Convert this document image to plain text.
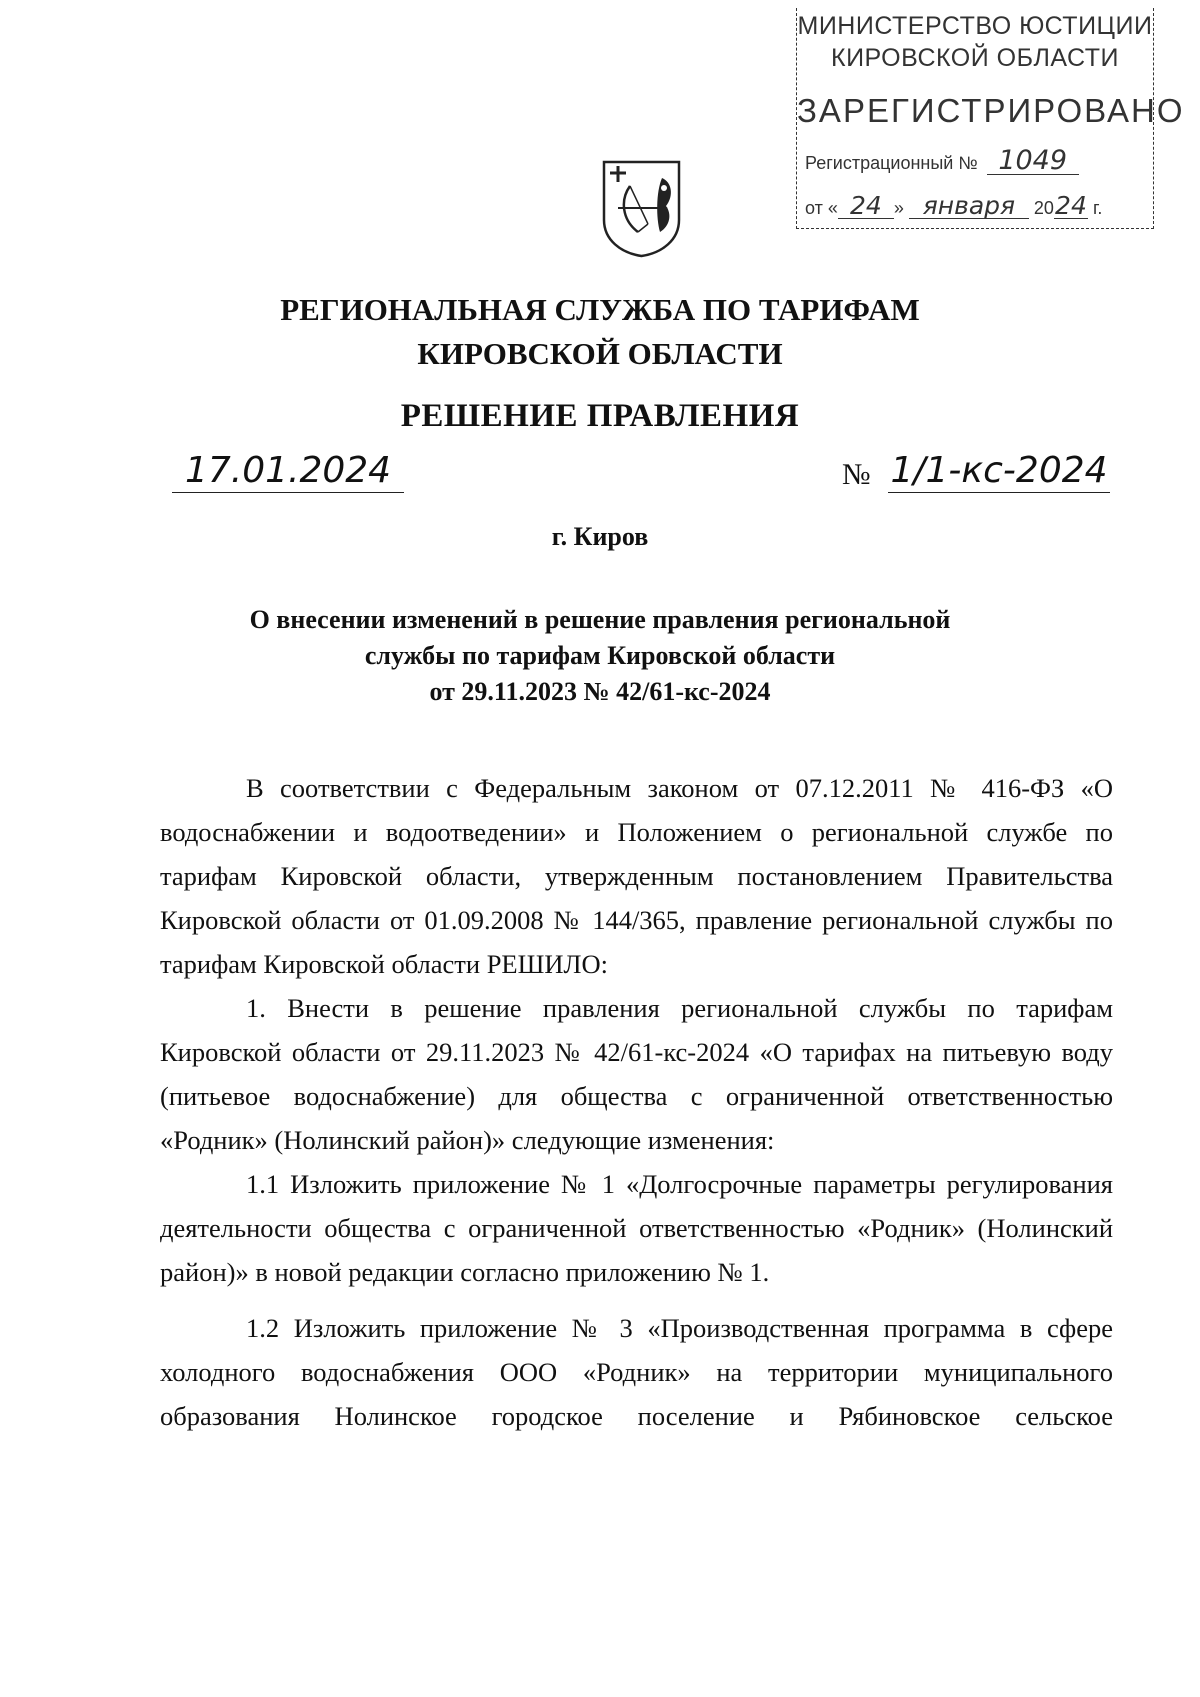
МИНИСТЕРСТВО ЮСТИЦИИ
КИРОВСКОЙ ОБЛАСТИ
ЗАРЕГИСТРИРОВАНО
Регистрационный № 1049
от « 24 » января 2024 г.
РЕГИОНАЛЬНАЯ СЛУЖБА ПО ТАРИФАМ
КИРОВСКОЙ ОБЛАСТИ
РЕШЕНИЕ ПРАВЛЕНИЯ
17.01.2024	№ 1/1-кс-2024
г. Киров
О внесении изменений в решение правления региональной
службы по тарифам Кировской области
от 29.11.2023 № 42/61-кс-2024

В соответствии с Федеральным законом от 07.12.2011 № 416-ФЗ «О водоснабжении и водоотведении» и Положением о региональной службе по тарифам Кировской области, утвержденным постановлением Правительства Кировской области от 01.09.2008 № 144/365, правление региональной службы по тарифам Кировской области РЕШИЛО:

1. Внести в решение правления региональной службы по тарифам Кировской области от 29.11.2023 № 42/61-кс-2024 «О тарифах на питьевую воду (питьевое водоснабжение) для общества с ограниченной ответственностью «Родник» (Нолинский район)» следующие изменения:

1.1 Изложить приложение № 1 «Долгосрочные параметры регулирования деятельности общества с ограниченной ответственностью «Родник» (Нолинский район)» в новой редакции согласно приложению № 1.

1.2 Изложить приложение № 3 «Производственная программа в сфере холодного водоснабжения ООО «Родник» на территории муниципального образования Нолинское городское поселение и Рябиновское сельское
